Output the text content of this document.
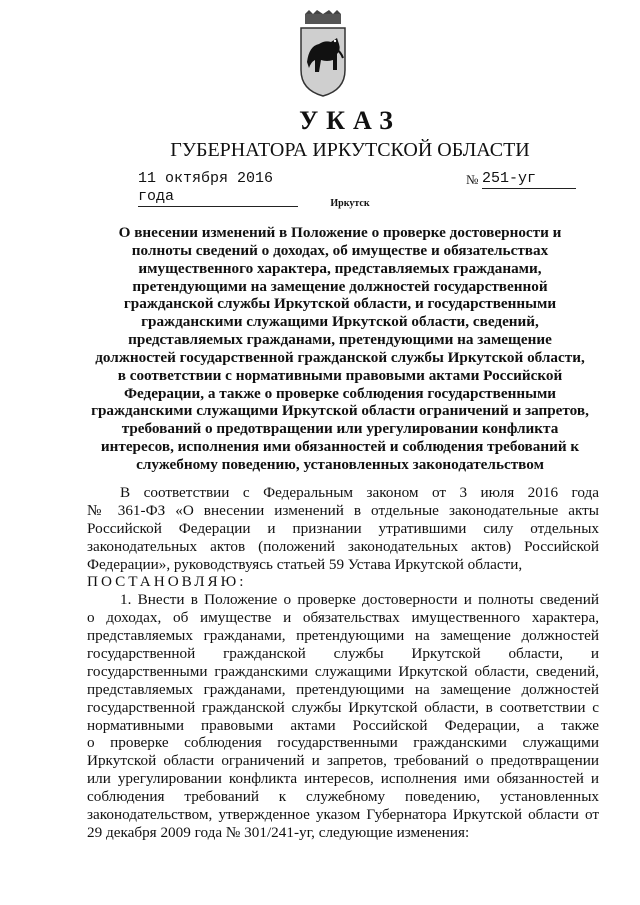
УКАЗ
ГУБЕРНАТОРА ИРКУТСКОЙ ОБЛАСТИ
11 октября 2016 года
№ 251-уг
Иркутск
О внесении изменений в Положение о проверке достоверности и
полноты сведений о доходах, об имуществе и обязательствах
имущественного характера, представляемых гражданами,
претендующими на замещение должностей государственной
гражданской службы Иркутской области, и государственными
гражданскими служащими Иркутской области, сведений,
представляемых гражданами, претендующими на замещение
должностей государственной гражданской службы Иркутской области,
в соответствии с нормативными правовыми актами Российской
Федерации, а также о проверке соблюдения государственными
гражданскими служащими Иркутской области ограничений и запретов,
требований о предотвращении или урегулировании конфликта
интересов, исполнения ими обязанностей и соблюдения требований к
служебному поведению, установленных законодательством
В соответствии с Федеральным законом от 3 июля 2016 года
№ 361-ФЗ «О внесении изменений в отдельные законодательные акты
Российской Федерации и признании утратившими силу отдельных
законодательных актов (положений законодательных актов) Российской
Федерации», руководствуясь статьей 59 Устава Иркутской области,
ПОСТАНОВЛЯЮ:
1. Внести в Положение о проверке достоверности и полноты сведений
о доходах, об имуществе и обязательствах имущественного характера,
представляемых гражданами, претендующими на замещение должностей
государственной гражданской службы Иркутской области, и
государственными гражданскими служащими Иркутской области, сведений,
представляемых гражданами, претендующими на замещение должностей
государственной гражданской службы Иркутской области, в соответствии с
нормативными правовыми актами Российской Федерации, а также
о проверке соблюдения государственными гражданскими служащими
Иркутской области ограничений и запретов, требований о предотвращении
или урегулировании конфликта интересов, исполнения ими обязанностей и
соблюдения требований к служебному поведению, установленных
законодательством, утвержденное указом Губернатора Иркутской области от
29 декабря 2009 года № 301/241-уг, следующие изменения:
